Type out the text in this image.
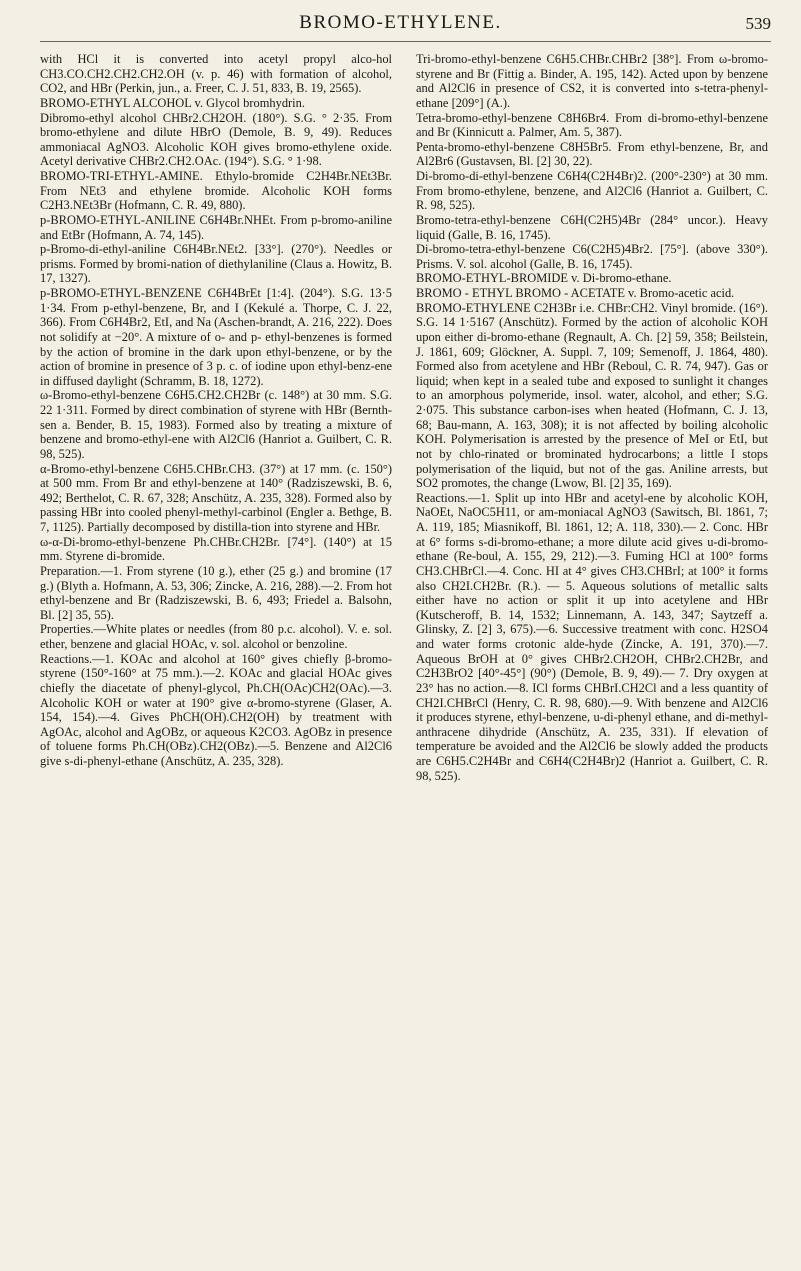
BROMO-ETHYLENE.	539

with HCl it is converted into acetyl propyl alco-hol CH3.CO.CH2.CH2.CH2.OH (v. p. 46) with formation of alcohol, CO2, and HBr (Perkin, jun., a. Freer, C. J. 51, 833, B. 19, 2565).

BROMO-ETHYL ALCOHOL v. Glycol bromhydrin.

Dibromo-ethyl alcohol CHBr2.CH2OH. (180°). S.G. ° 2·35. From bromo-ethylene and dilute HBrO (Demole, B. 9, 49). Reduces ammoniacal AgNO3. Alcoholic KOH gives bromo-ethylene oxide. Acetyl derivative CHBr2.CH2.OAc. (194°). S.G. ° 1·98.

BROMO-TRI-ETHYL-AMINE. Ethylo-bromide C2H4Br.NEt3Br. From NEt3 and ethylene bromide. Alcoholic KOH forms C2H3.NEt3Br (Hofmann, C. R. 49, 880).

p-BROMO-ETHYL-ANILINE C6H4Br.NHEt. From p-bromo-aniline and EtBr (Hofmann, A. 74, 145).

p-Bromo-di-ethyl-aniline C6H4Br.NEt2. [33°]. (270°). Needles or prisms. Formed by bromi-nation of diethylaniline (Claus a. Howitz, B. 17, 1327).

p-BROMO-ETHYL-BENZENE C6H4BrEt [1:4]. (204°). S.G. 13·5 1·34. From p-ethyl-benzene, Br, and I (Kekulé a. Thorpe, C. J. 22, 366). From C6H4Br2, EtI, and Na (Aschen-brandt, A. 216, 222). Does not solidify at −20°. A mixture of o- and p- ethyl-benzenes is formed by the action of bromine in the dark upon ethyl-benzene, or by the action of bromine in presence of 3 p. c. of iodine upon ethyl-benz-ene in diffused daylight (Schramm, B. 18, 1272).

ω-Bromo-ethyl-benzene C6H5.CH2.CH2Br (c. 148°) at 30 mm. S.G. 22 1·311. Formed by direct combination of styrene with HBr (Bernth-sen a. Bender, B. 15, 1983). Formed also by treating a mixture of benzene and bromo-ethyl-ene with Al2Cl6 (Hanriot a. Guilbert, C. R. 98, 525).

α-Bromo-ethyl-benzene C6H5.CHBr.CH3. (37°) at 17 mm. (c. 150°) at 500 mm. From Br and ethyl-benzene at 140° (Radziszewski, B. 6, 492; Berthelot, C. R. 67, 328; Anschütz, A. 235, 328). Formed also by passing HBr into cooled phenyl-methyl-carbinol (Engler a. Bethge, B. 7, 1125). Partially decomposed by distilla-tion into styrene and HBr.

ω-α-Di-bromo-ethyl-benzene Ph.CHBr.CH2Br. [74°]. (140°) at 15 mm. Styrene di-bromide.

Preparation.—1. From styrene (10 g.), ether (25 g.) and bromine (17 g.) (Blyth a. Hofmann, A. 53, 306; Zincke, A. 216, 288).—2. From hot ethyl-benzene and Br (Radziszewski, B. 6, 493; Friedel a. Balsohn, Bl. [2] 35, 55).

Properties.—White plates or needles (from 80 p.c. alcohol). V. e. sol. ether, benzene and glacial HOAc, v. sol. alcohol or benzoline.

Reactions.—1. KOAc and alcohol at 160° gives chiefly β-bromo-styrene (150°-160° at 75 mm.).—2. KOAc and glacial HOAc gives chiefly the diacetate of phenyl-glycol, Ph.CH(OAc)CH2(OAc).—3. Alcoholic KOH or water at 190° give α-bromo-styrene (Glaser, A. 154, 154).—4. Gives PhCH(OH).CH2(OH) by treatment with AgOAc, alcohol and AgOBz, or aqueous K2CO3. AgOBz in presence of toluene forms Ph.CH(OBz).CH2(OBz).—5. Benzene and Al2Cl6 give s-di-phenyl-ethane (Anschütz, A. 235, 328).

Tri-bromo-ethyl-benzene C6H5.CHBr.CHBr2 [38°]. From ω-bromo-styrene and Br (Fittig a. Binder, A. 195, 142). Acted upon by benzene and Al2Cl6 in presence of CS2, it is converted into s-tetra-phenyl-ethane [209°] (A.).

Tetra-bromo-ethyl-benzene C8H6Br4. From di-bromo-ethyl-benzene and Br (Kinnicutt a. Palmer, Am. 5, 387).

Penta-bromo-ethyl-benzene C8H5Br5. From ethyl-benzene, Br, and Al2Br6 (Gustavsen, Bl. [2] 30, 22).

Di-bromo-di-ethyl-benzene C6H4(C2H4Br)2. (200°-230°) at 30 mm. From bromo-ethylene, benzene, and Al2Cl6 (Hanriot a. Guilbert, C. R. 98, 525).

Bromo-tetra-ethyl-benzene C6H(C2H5)4Br (284° uncor.). Heavy liquid (Galle, B. 16, 1745).

Di-bromo-tetra-ethyl-benzene C6(C2H5)4Br2. [75°]. (above 330°). Prisms. V. sol. alcohol (Galle, B. 16, 1745).

BROMO-ETHYL-BROMIDE v. Di-bromo-ethane.

BROMO - ETHYL BROMO - ACETATE v. Bromo-acetic acid.

BROMO-ETHYLENE C2H3Br i.e. CHBr:CH2. Vinyl bromide. (16°). S.G. 14 1·5167 (Anschütz). Formed by the action of alcoholic KOH upon either di-bromo-ethane (Regnault, A. Ch. [2] 59, 358; Beilstein, J. 1861, 609; Glöckner, A. Suppl. 7, 109; Semenoff, J. 1864, 480). Formed also from acetylene and HBr (Reboul, C. R. 74, 947). Gas or liquid; when kept in a sealed tube and exposed to sunlight it changes to an amorphous polymeride, insol. water, alcohol, and ether; S.G. 2·075. This substance carbon-ises when heated (Hofmann, C. J. 13, 68; Bau-mann, A. 163, 308); it is not affected by boiling alcoholic KOH. Polymerisation is arrested by the presence of MeI or EtI, but not by chlo-rinated or brominated hydrocarbons; a little I stops polymerisation of the liquid, but not of the gas. Aniline arrests, but SO2 promotes, the change (Lwow, Bl. [2] 35, 169).

Reactions.—1. Split up into HBr and acetyl-ene by alcoholic KOH, NaOEt, NaOC5H11, or am-moniacal AgNO3 (Sawitsch, Bl. 1861, 7; A. 119, 185; Miasnikoff, Bl. 1861, 12; A. 118, 330).— 2. Conc. HBr at 6° forms s-di-bromo-ethane; a more dilute acid gives u-di-bromo-ethane (Re-boul, A. 155, 29, 212).—3. Fuming HCl at 100° forms CH3.CHBrCl.—4. Conc. HI at 4° gives CH3.CHBrI; at 100° it forms also CH2I.CH2Br. (R.). — 5. Aqueous solutions of metallic salts either have no action or split it up into acetylene and HBr (Kutscheroff, B. 14, 1532; Linnemann, A. 143, 347; Saytzeff a. Glinsky, Z. [2] 3, 675).—6. Successive treatment with conc. H2SO4 and water forms crotonic alde-hyde (Zincke, A. 191, 370).—7. Aqueous BrOH at 0° gives CHBr2.CH2OH, CHBr2.CH2Br, and C2H3BrO2 [40°-45°] (90°) (Demole, B. 9, 49).— 7. Dry oxygen at 23° has no action.—8. ICl forms CHBrI.CH2Cl and a less quantity of CH2I.CHBrCl (Henry, C. R. 98, 680).—9. With benzene and Al2Cl6 it produces styrene, ethyl-benzene, u-di-phenyl ethane, and di-methyl-anthracene dihydride (Anschütz, A. 235, 331). If elevation of temperature be avoided and the Al2Cl6 be slowly added the products are C6H5.C2H4Br and C6H4(C2H4Br)2 (Hanriot a. Guilbert, C. R. 98, 525).
